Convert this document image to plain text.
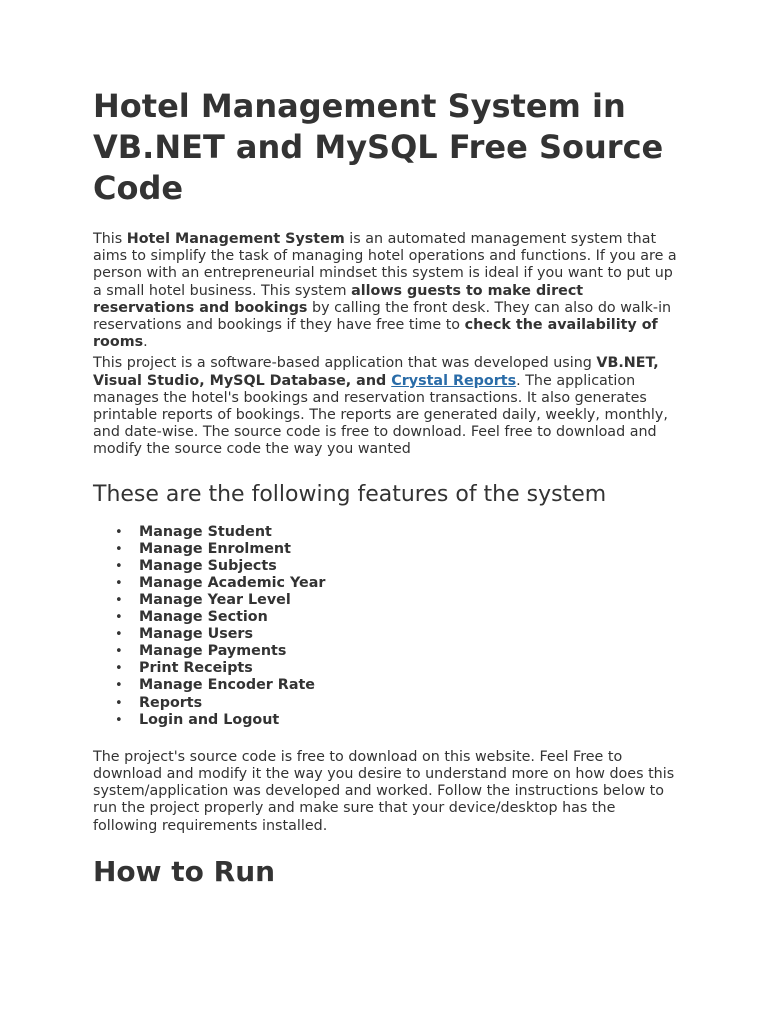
Hotel Management System in VB.NET and MySQL Free Source Code

This Hotel Management System is an automated management system that aims to simplify the task of managing hotel operations and functions. If you are a person with an entrepreneurial mindset this system is ideal if you want to put up a small hotel business. This system allows guests to make direct reservations and bookings by calling the front desk. They can also do walk-in reservations and bookings if they have free time to check the availability of rooms.

This project is a software-based application that was developed using VB.NET, Visual Studio, MySQL Database, and Crystal Reports. The application manages the hotel's bookings and reservation transactions. It also generates printable reports of bookings. The reports are generated daily, weekly, monthly, and date-wise. The source code is free to download. Feel free to download and modify the source code the way you wanted

These are the following features of the system
• Manage Student
• Manage Enrolment
• Manage Subjects
• Manage Academic Year
• Manage Year Level
• Manage Section
• Manage Users
• Manage Payments
• Print Receipts
• Manage Encoder Rate
• Reports
• Login and Logout

The project's source code is free to download on this website. Feel Free to download and modify it the way you desire to understand more on how does this system/application was developed and worked. Follow the instructions below to run the project properly and make sure that your device/desktop has the following requirements installed.

How to Run
